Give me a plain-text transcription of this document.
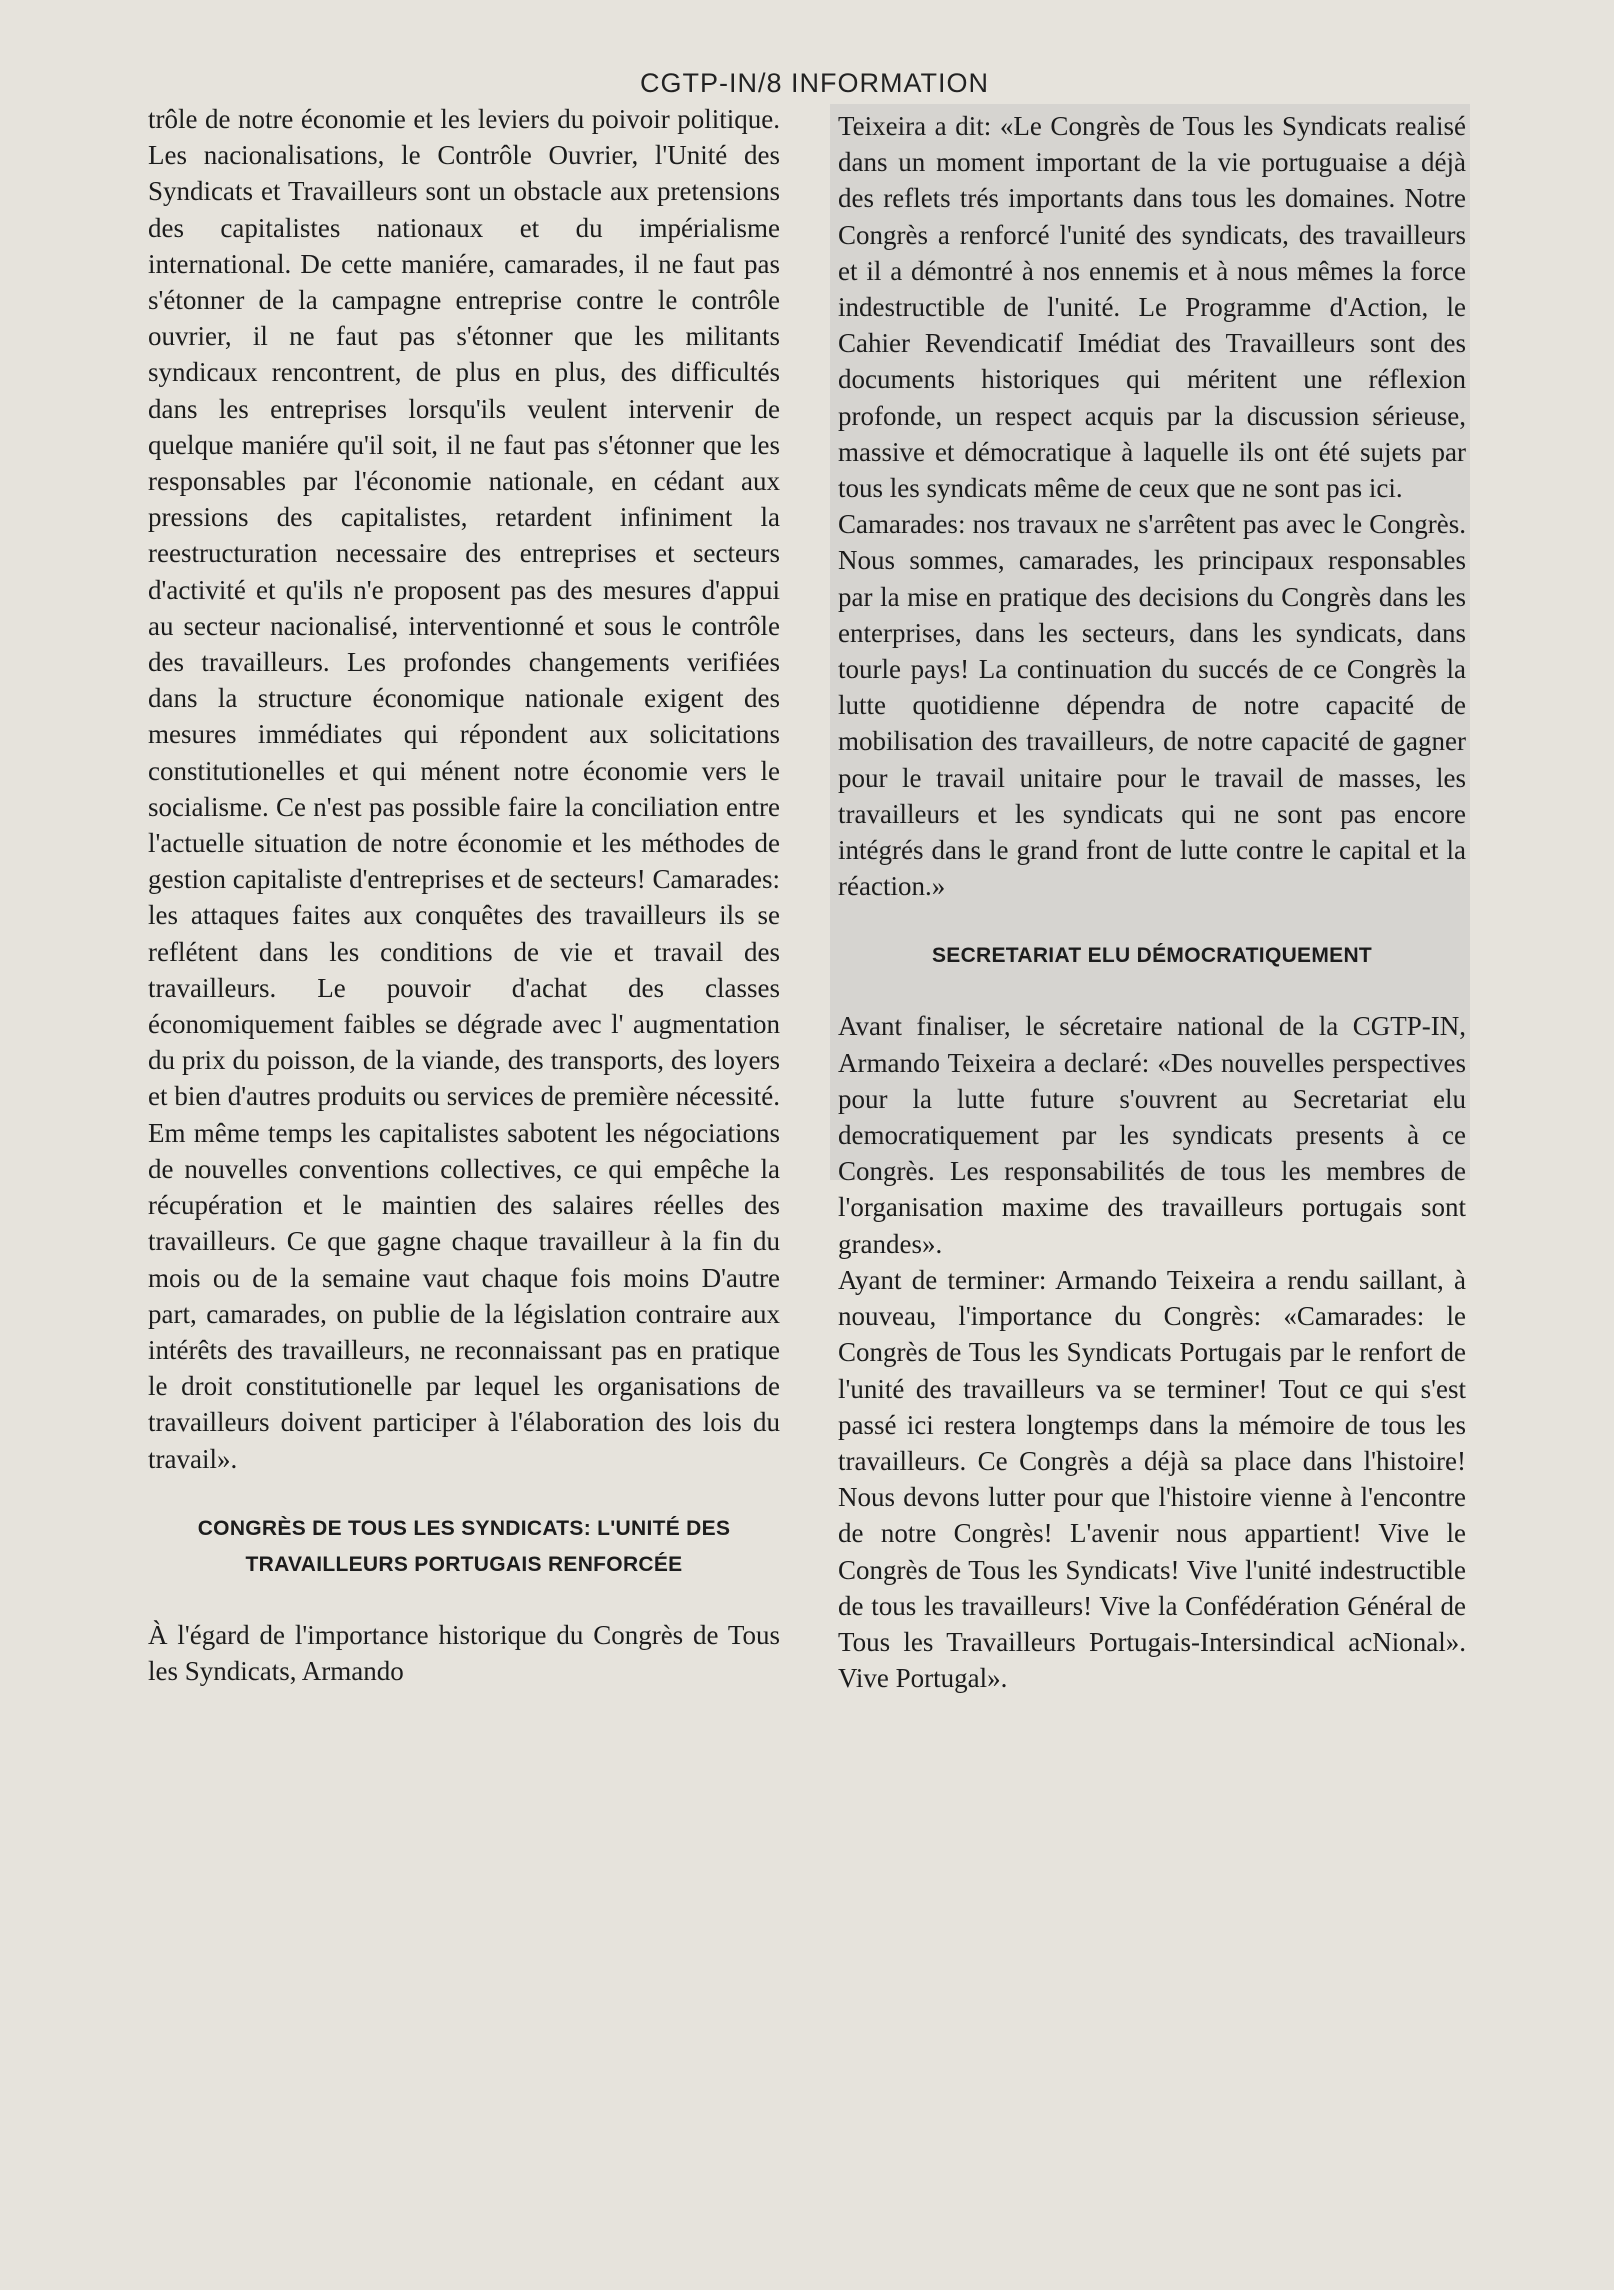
CGTP-IN/8 INFORMATION

trôle de notre économie et les leviers du poivoir politique. Les nacionalisations, le Contrôle Ouvrier, l'Unité des Syndicats et Travailleurs sont un obstacle aux pretensions des capitalistes nationaux et du impérialisme international. De cette maniére, camarades, il ne faut pas s'étonner de la campagne entreprise contre le contrôle ouvrier, il ne faut pas s'étonner que les militants syndicaux rencontrent, de plus en plus, des difficultés dans les entreprises lorsqu'ils veulent intervenir de quelque maniére qu'il soit, il ne faut pas s'étonner que les responsables par l'économie nationale, en cédant aux pressions des capitalistes, retardent infiniment la reestructuration necessaire des entreprises et secteurs d'activité et qu'ils n'e proposent pas des mesures d'appui au secteur nacionalisé, interventionné et sous le contrôle des travailleurs. Les profondes changements verifiées dans la structure économique nationale exigent des mesures immédiates qui répondent aux solicitations constitutionelles et qui ménent notre économie vers le socialisme. Ce n'est pas possible faire la conciliation entre l'actuelle situation de notre économie et les méthodes de gestion capitaliste d'entreprises et de secteurs! Camarades: les attaques faites aux conquêtes des travailleurs ils se reflétent dans les conditions de vie et travail des travailleurs. Le pouvoir d'achat des classes économiquement faibles se dégrade avec l' augmentation du prix du poisson, de la viande, des transports, des loyers et bien d'autres produits ou services de première nécessité. Em même temps les capitalistes sabotent les négociations de nouvelles conventions collectives, ce qui empêche la récupération et le maintien des salaires réelles des travailleurs. Ce que gagne chaque travailleur à la fin du mois ou de la semaine vaut chaque fois moins D'autre part, camarades, on publie de la législation contraire aux intérêts des travailleurs, ne reconnaissant pas en pratique le droit constitutionelle par lequel les organisations de travailleurs doivent participer à l'élaboration des lois du travail».

CONGRÈS DE TOUS LES SYNDICATS: L'UNITÉ DES
TRAVAILLEURS PORTUGAIS RENFORCÉE

À l'égard de l'importance historique du Congrès de Tous les Syndicats, Armando

Teixeira a dit: «Le Congrès de Tous les Syndicats realisé dans un moment important de la vie portuguaise a déjà des reflets trés importants dans tous les domaines. Notre Congrès a renforcé l'unité des syndicats, des travailleurs et il a démontré à nos ennemis et à nous mêmes la force indestructible de l'unité. Le Programme d'Action, le Cahier Revendicatif Imédiat des Travailleurs sont des documents historiques qui méritent une réflexion profonde, un respect acquis par la discussion sérieuse, massive et démocratique à laquelle ils ont été sujets par tous les syndicats même de ceux que ne sont pas ici.

Camarades: nos travaux ne s'arrêtent pas avec le Congrès. Nous sommes, camarades, les principaux responsables par la mise en pratique des decisions du Congrès dans les enterprises, dans les secteurs, dans les syndicats, dans tourle pays! La continuation du succés de ce Congrès la lutte quotidienne dépendra de notre capacité de mobilisation des travailleurs, de notre capacité de gagner pour le travail unitaire pour le travail de masses, les travailleurs et les syndicats qui ne sont pas encore intégrés dans le grand front de lutte contre le capital et la réaction.»

SECRETARIAT ELU DÉMOCRATIQUEMENT

Avant finaliser, le sécretaire national de la CGTP-IN, Armando Teixeira a declaré: «Des nouvelles perspectives pour la lutte future s'ouvrent au Secretariat elu democratiquement par les syndicats presents à ce Congrès. Les responsabilités de tous les membres de l'organisation maxime des travailleurs portugais sont grandes».

Ayant de terminer: Armando Teixeira a rendu saillant, à nouveau, l'importance du Congrès: «Camarades: le Congrès de Tous les Syndicats Portugais par le renfort de l'unité des travailleurs va se terminer! Tout ce qui s'est passé ici restera longtemps dans la mémoire de tous les travailleurs. Ce Congrès a déjà sa place dans l'histoire! Nous devons lutter pour que l'histoire vienne à l'encontre de notre Congrès! L'avenir nous appartient! Vive le Congrès de Tous les Syndicats! Vive l'unité indestructible de tous les travailleurs! Vive la Confédération Général de Tous les Travailleurs Portugais-Intersindical acNional». Vive Portugal».
